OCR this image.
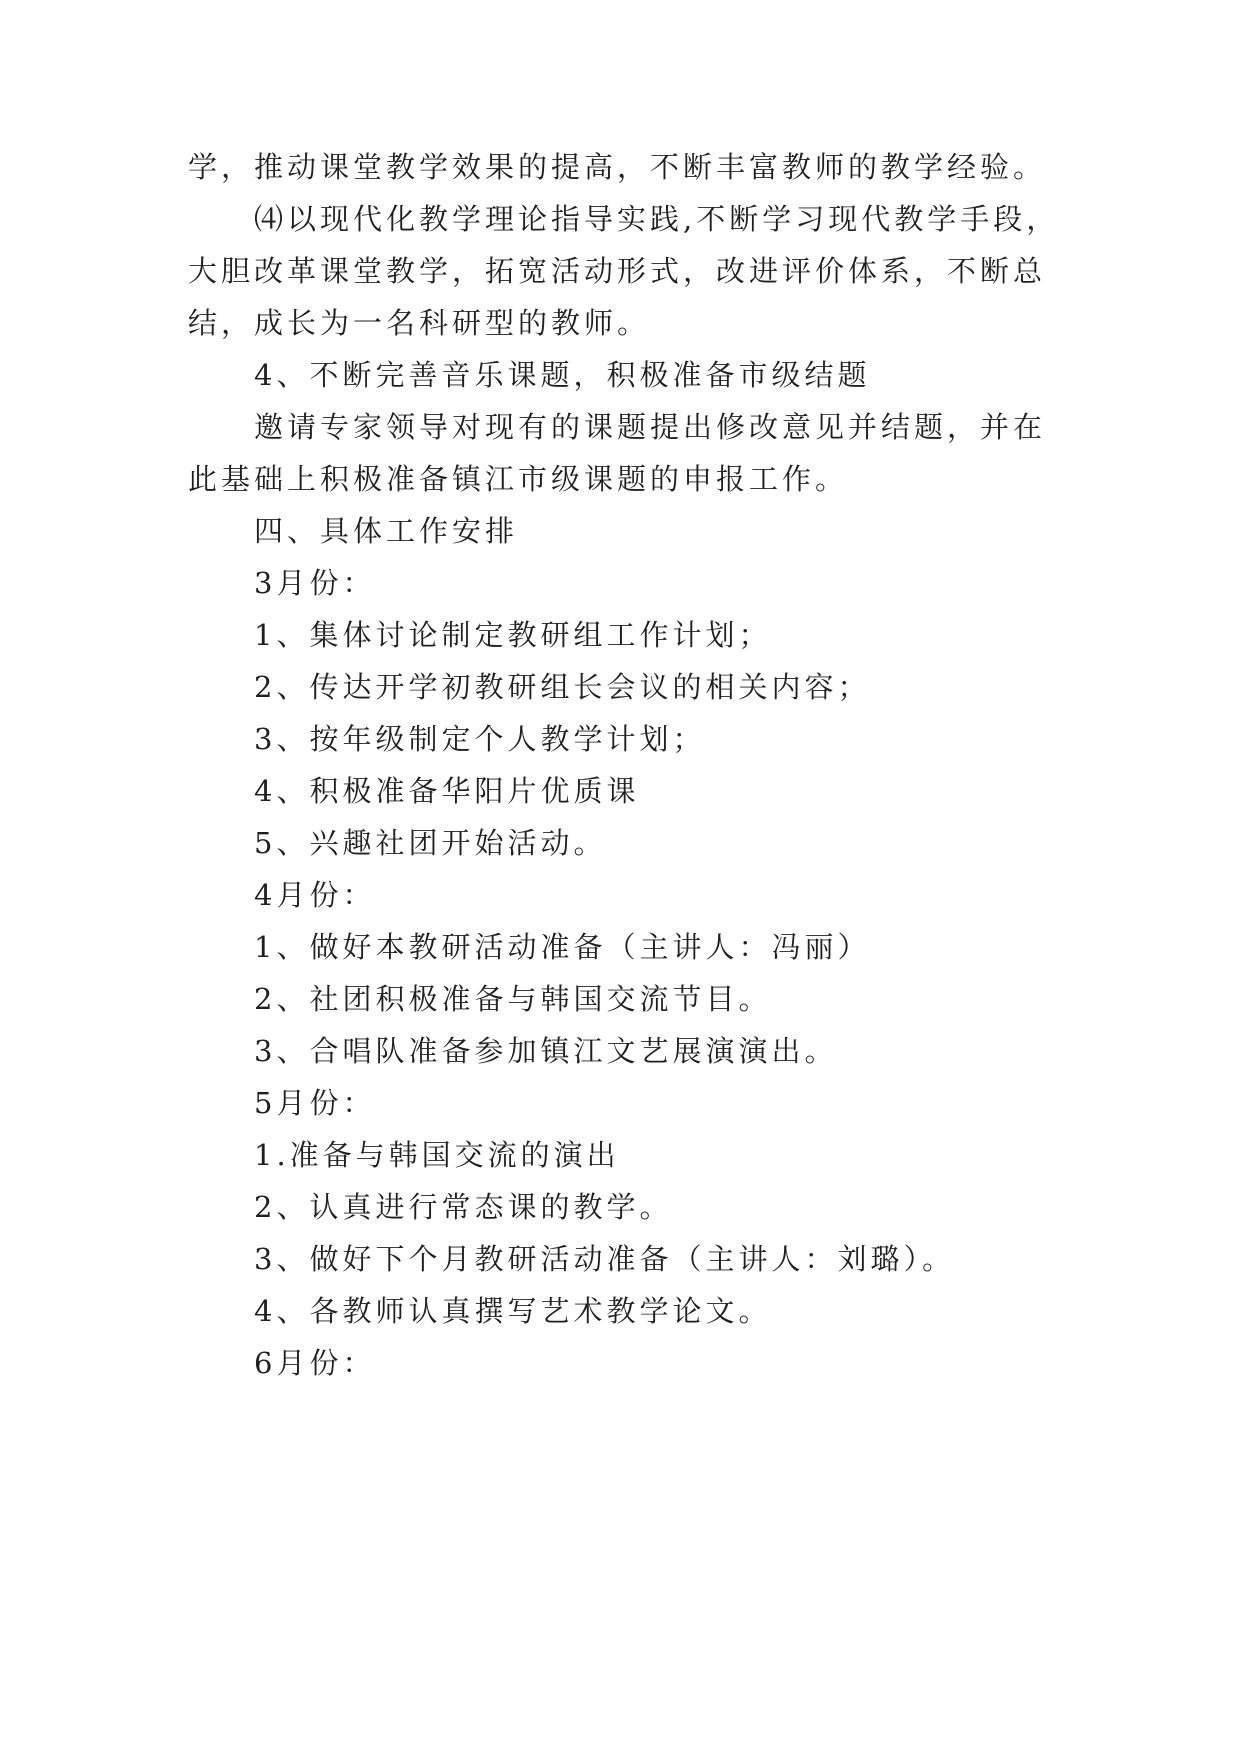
学，推动课堂教学效果的提高，不断丰富教师的教学经验。
⑷以现代化教学理论指导实践,不断学习现代教学手段，
大胆改革课堂教学，拓宽活动形式，改进评价体系，不断总
结，成长为一名科研型的教师。
4、不断完善音乐课题，积极准备市级结题
邀请专家领导对现有的课题提出修改意见并结题，并在
此基础上积极准备镇江市级课题的申报工作。
四、具体工作安排
3月份：
1、集体讨论制定教研组工作计划；
2、传达开学初教研组长会议的相关内容；
3、按年级制定个人教学计划；
4、积极准备华阳片优质课
5、兴趣社团开始活动。
4月份：
1、做好本教研活动准备（主讲人：冯丽）
2、社团积极准备与韩国交流节目。
3、合唱队准备参加镇江文艺展演演出。
5月份：
1.准备与韩国交流的演出
2、认真进行常态课的教学。
3、做好下个月教研活动准备（主讲人：刘璐）。
4、各教师认真撰写艺术教学论文。
6月份：
